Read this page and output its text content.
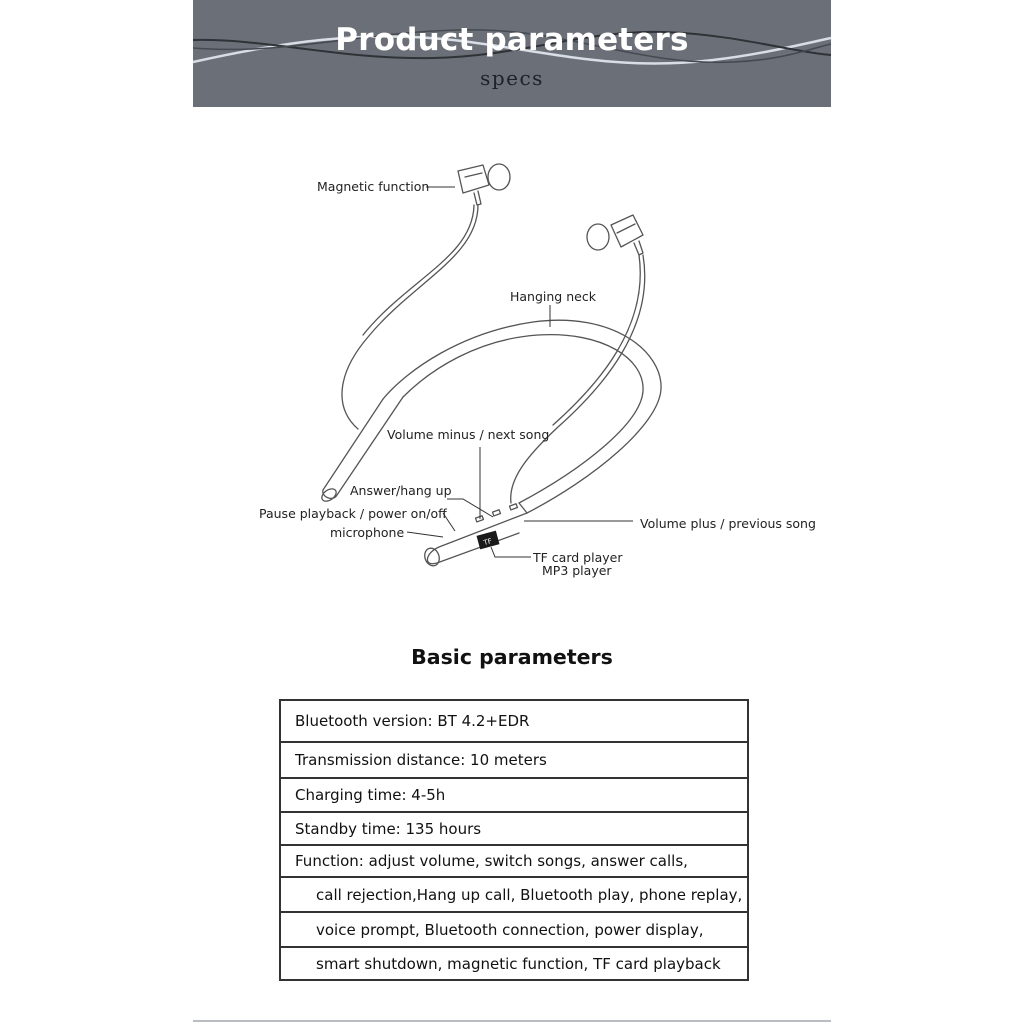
Product parameters
specs
TF
Magnetic function
Hanging neck
Volume minus / next song
Answer/hang up
Pause playback / power on/off
microphone
Volume plus / previous song
TF card player
MP3 player
Basic parameters
Bluetooth version: BT 4.2+EDR
Transmission distance: 10 meters
Charging time: 4-5h
Standby time: 135 hours
Function: adjust volume, switch songs, answer calls,
call rejection,Hang up call, Bluetooth play, phone replay,
voice prompt, Bluetooth connection, power display,
smart shutdown, magnetic function, TF card playback
